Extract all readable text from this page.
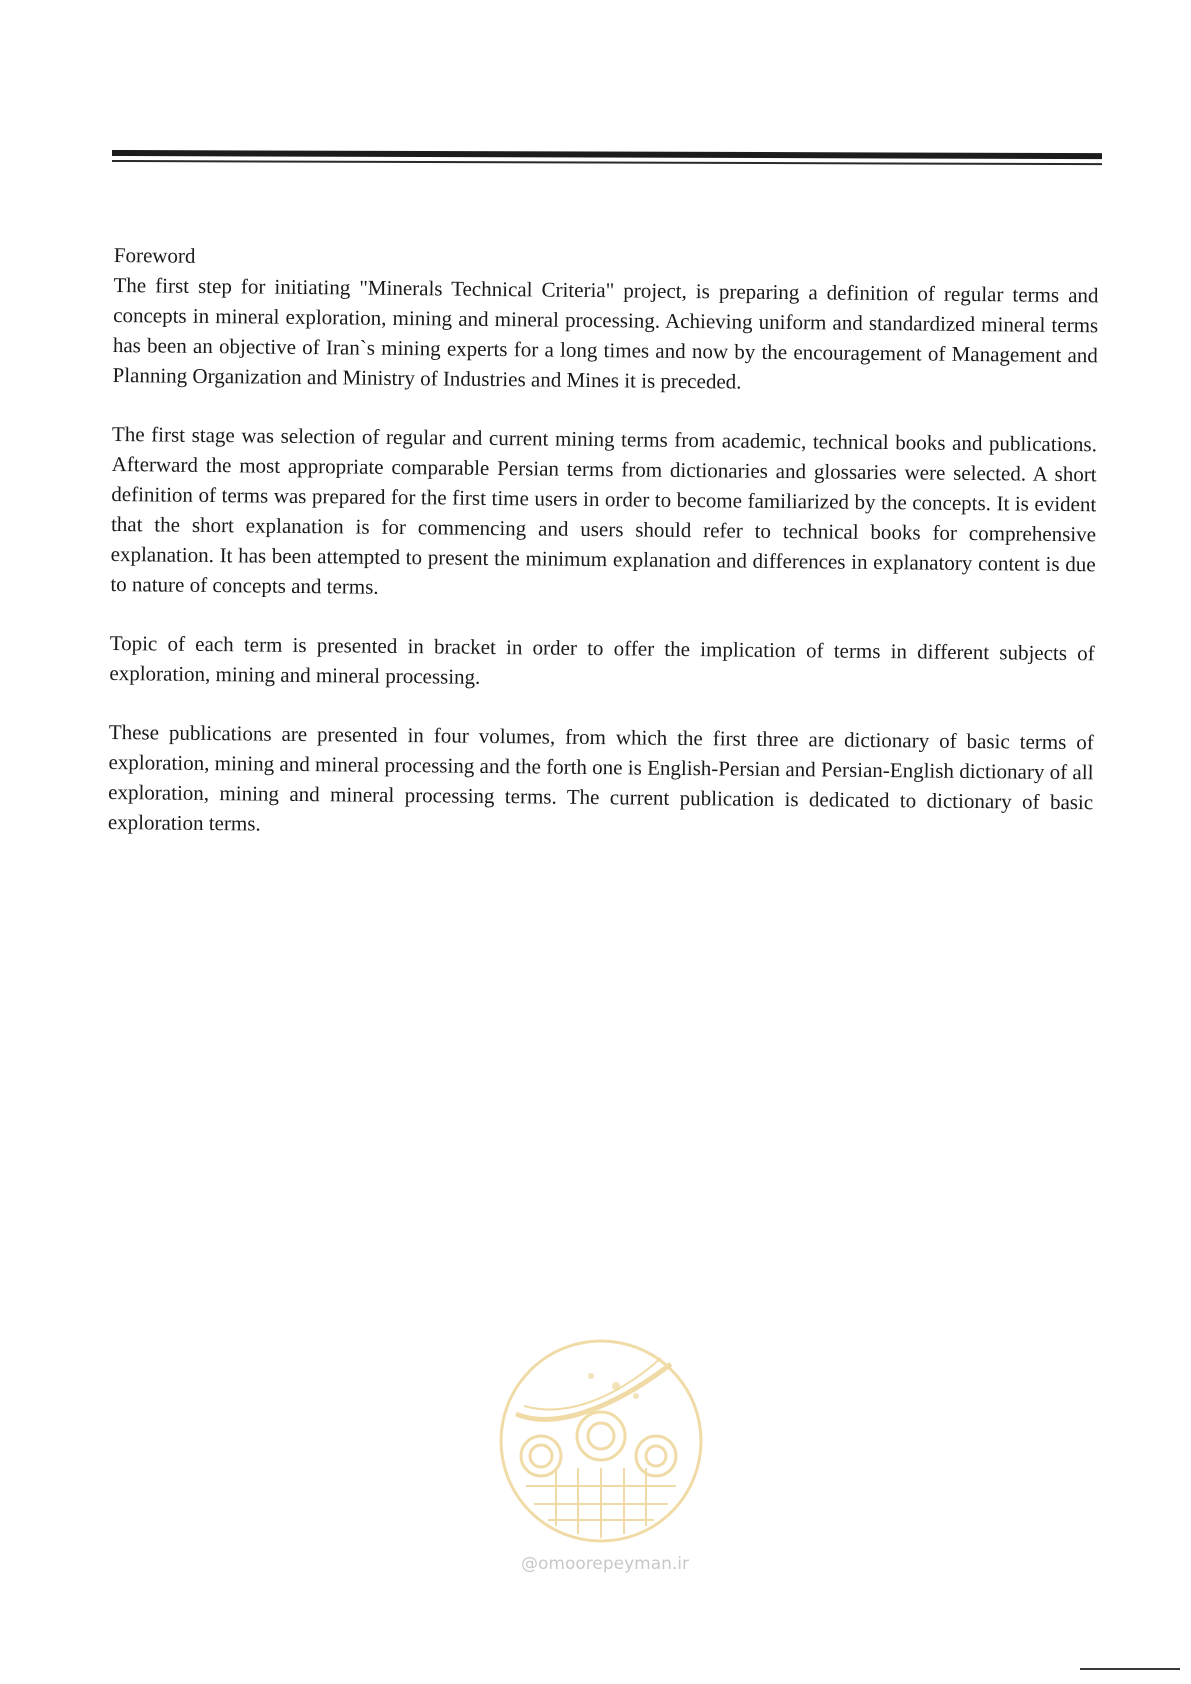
Foreword

The first step for initiating "Minerals Technical Criteria" project, is preparing a definition of regular terms and concepts in mineral exploration, mining and mineral processing. Achieving uniform and standardized mineral terms has been an objective of Iran`s mining experts for a long times and now by the encouragement of Management and Planning Organization and Ministry of Industries and Mines it is preceded.

The first stage was selection of regular and current mining terms from academic, technical books and publications. Afterward the most appropriate comparable Persian terms from dictionaries and glossaries were selected. A short definition of terms was prepared for the first time users in order to become familiarized by the concepts. It is evident that the short explanation is for commencing and users should refer to technical books for comprehensive explanation. It has been attempted to present the minimum explanation and differences in explanatory content is due to nature of concepts and terms.

Topic of each term is presented in bracket in order to offer the implication of terms in different subjects of exploration, mining and mineral processing.

These publications are presented in four volumes, from which the first three are dictionary of basic terms of exploration, mining and mineral processing and the forth one is English-Persian and Persian-English dictionary of all exploration, mining and mineral processing terms. The current publication is dedicated to dictionary of basic exploration terms.

@omoorepeyman.ir
